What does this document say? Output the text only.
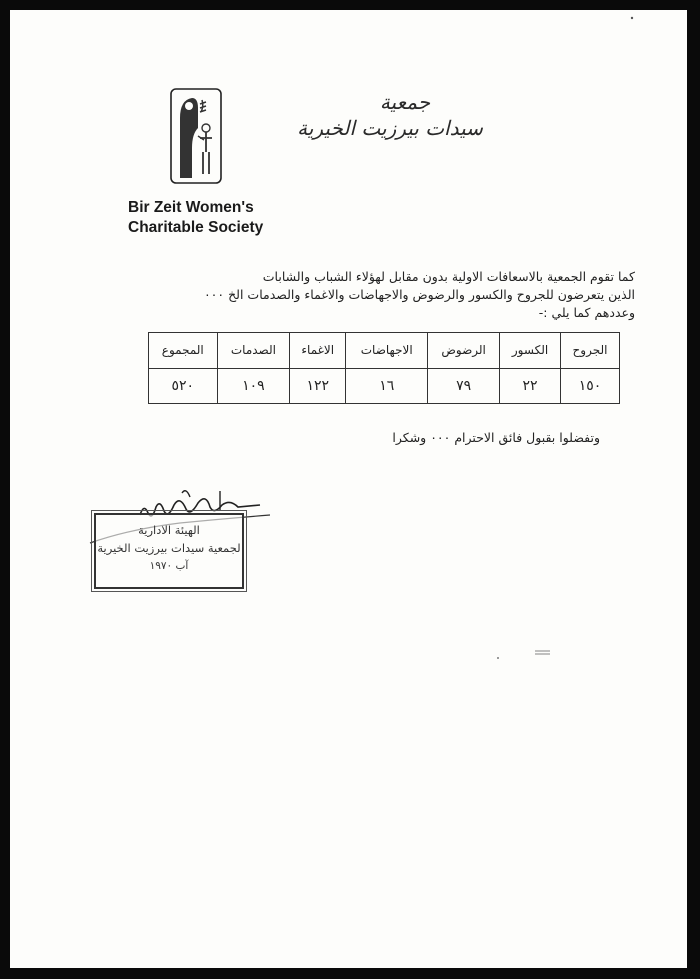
جمعية
سيدات بيرزيت الخيرية
Bir Zeit Women's
Charitable Society
كما تقوم الجمعية بالاسعافات الاولية بدون مقابل لهؤلاء الشباب والشابات
الذين يتعرضون للجروح والكسور والرضوض والاجهاضات والاغماء والصدمات الخ ٠٠٠
وعددهم كما يلي :-
الجروح	الكسور	الرضوض	الاجهاضات	الاغماء	الصدمات	المجموع
١٥٠	٢٢	٧٩	١٦	١٢٢	١٠٩	٥٢٠
وتفضلوا بقبول فائق الاحترام ٠٠٠ وشكرا
الهيئة الادارية
لجمعية سيدات بيرزيت الخيرية
آب ١٩٧٠
